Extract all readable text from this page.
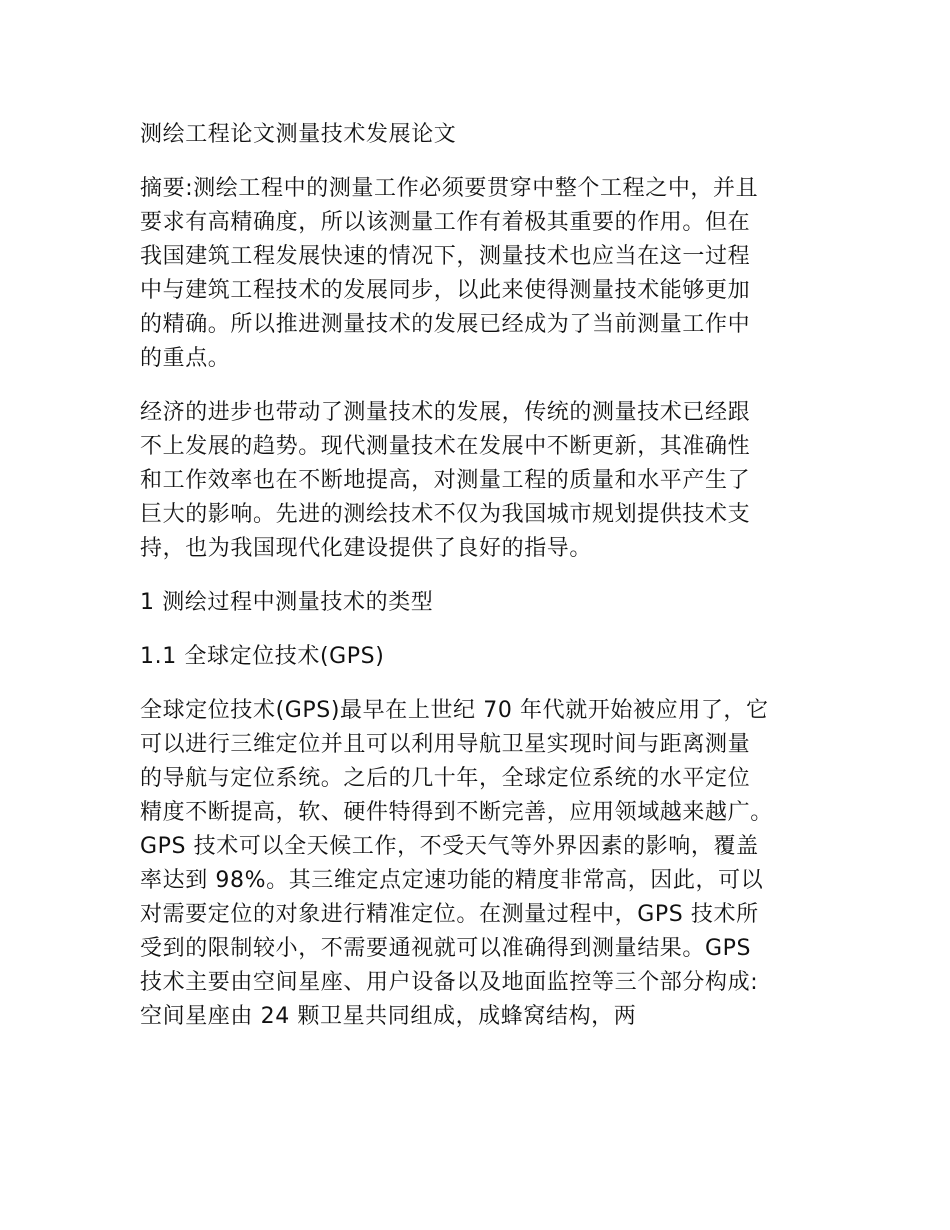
测绘工程论文测量技术发展论文
摘要:测绘工程中的测量工作必须要贯穿中整个工程之中，并且
要求有高精确度，所以该测量工作有着极其重要的作用。但在
我国建筑工程发展快速的情况下，测量技术也应当在这一过程
中与建筑工程技术的发展同步，以此来使得测量技术能够更加
的精确。所以推进测量技术的发展已经成为了当前测量工作中
的重点。
经济的进步也带动了测量技术的发展，传统的测量技术已经跟
不上发展的趋势。现代测量技术在发展中不断更新，其准确性
和工作效率也在不断地提高，对测量工程的质量和水平产生了
巨大的影响。先进的测绘技术不仅为我国城市规划提供技术支
持，也为我国现代化建设提供了良好的指导。
1 测绘过程中测量技术的类型
1.1 全球定位技术(GPS)
全球定位技术(GPS)最早在上世纪 70 年代就开始被应用了，它
可以进行三维定位并且可以利用导航卫星实现时间与距离测量
的导航与定位系统。之后的几十年，全球定位系统的水平定位
精度不断提高，软、硬件特得到不断完善，应用领域越来越广。
GPS 技术可以全天候工作，不受天气等外界因素的影响，覆盖
率达到 98%。其三维定点定速功能的精度非常高，因此，可以
对需要定位的对象进行精准定位。在测量过程中，GPS 技术所
受到的限制较小，不需要通视就可以准确得到测量结果。GPS
技术主要由空间星座、用户设备以及地面监控等三个部分构成:
空间星座由 24 颗卫星共同组成，成蜂窝结构，两
